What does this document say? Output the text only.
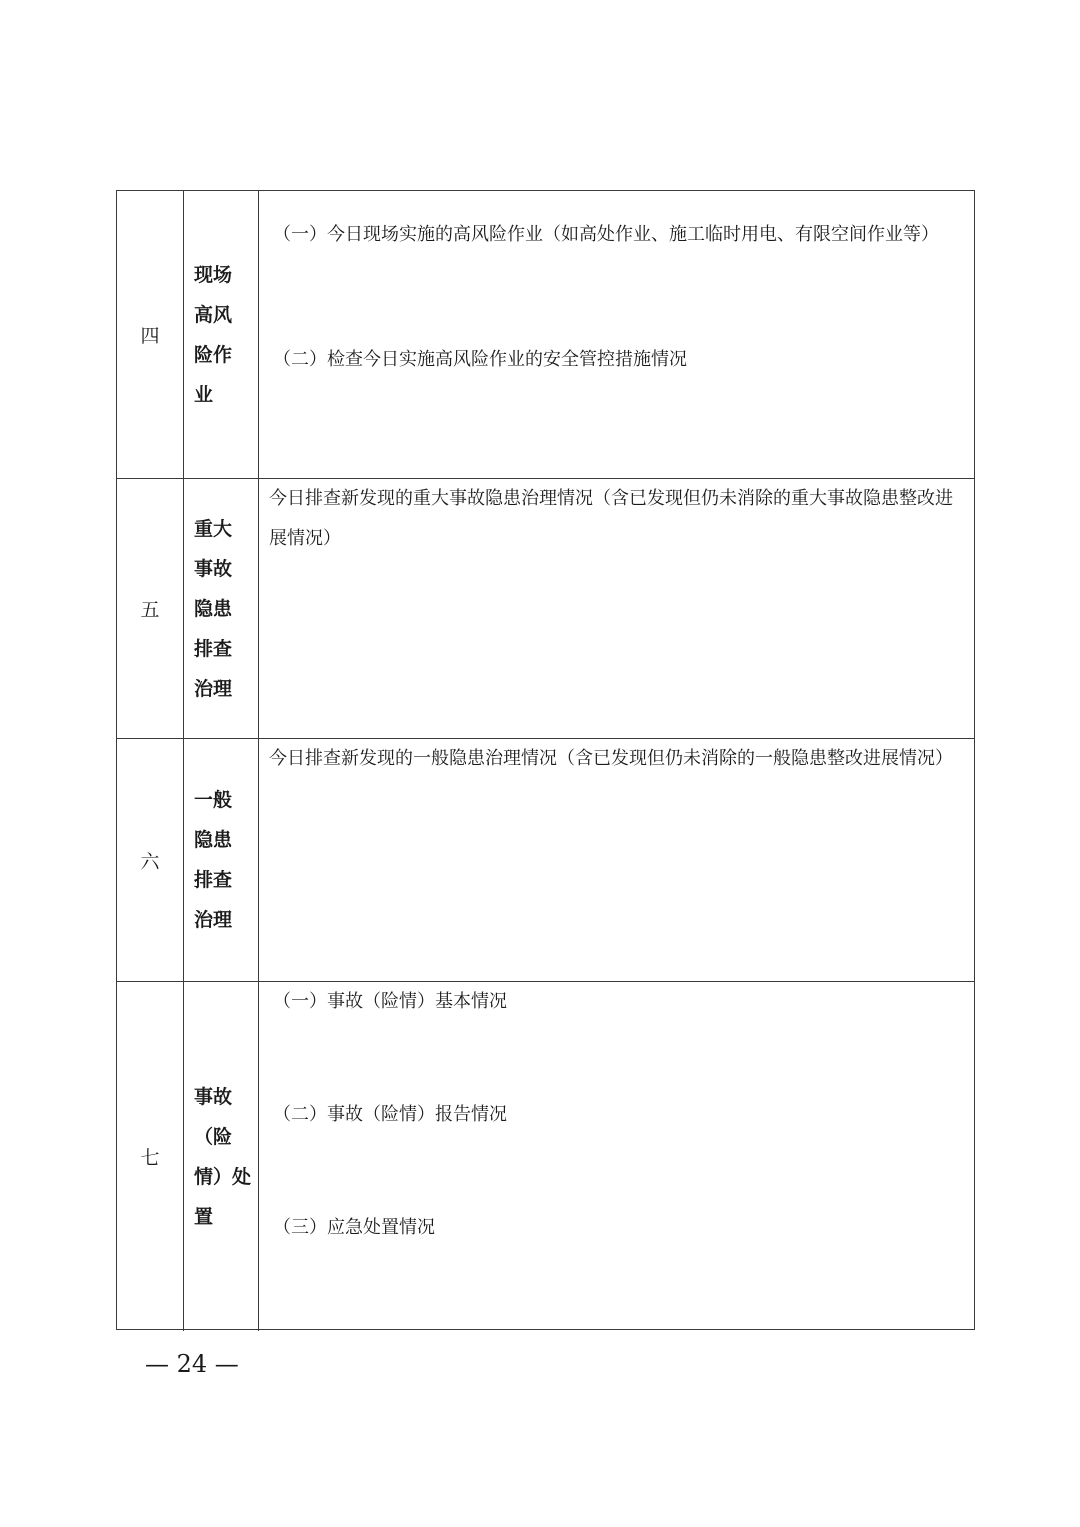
四
现场
高风
险作
业
（一）今日现场实施的高风险作业（如高处作业、施工临时用电、有限空间作业等）
（二）检查今日实施高风险作业的安全管控措施情况
五
重大
事故
隐患
排查
治理
今日排查新发现的重大事故隐患治理情况（含已发现但仍未消除的重大事故隐患整改进展情况）
六
一般
隐患
排查
治理
今日排查新发现的一般隐患治理情况（含已发现但仍未消除的一般隐患整改进展情况）
七
事故
（险
情）处
置
（一）事故（险情）基本情况
（二）事故（险情）报告情况
（三）应急处置情况
— 24 —
